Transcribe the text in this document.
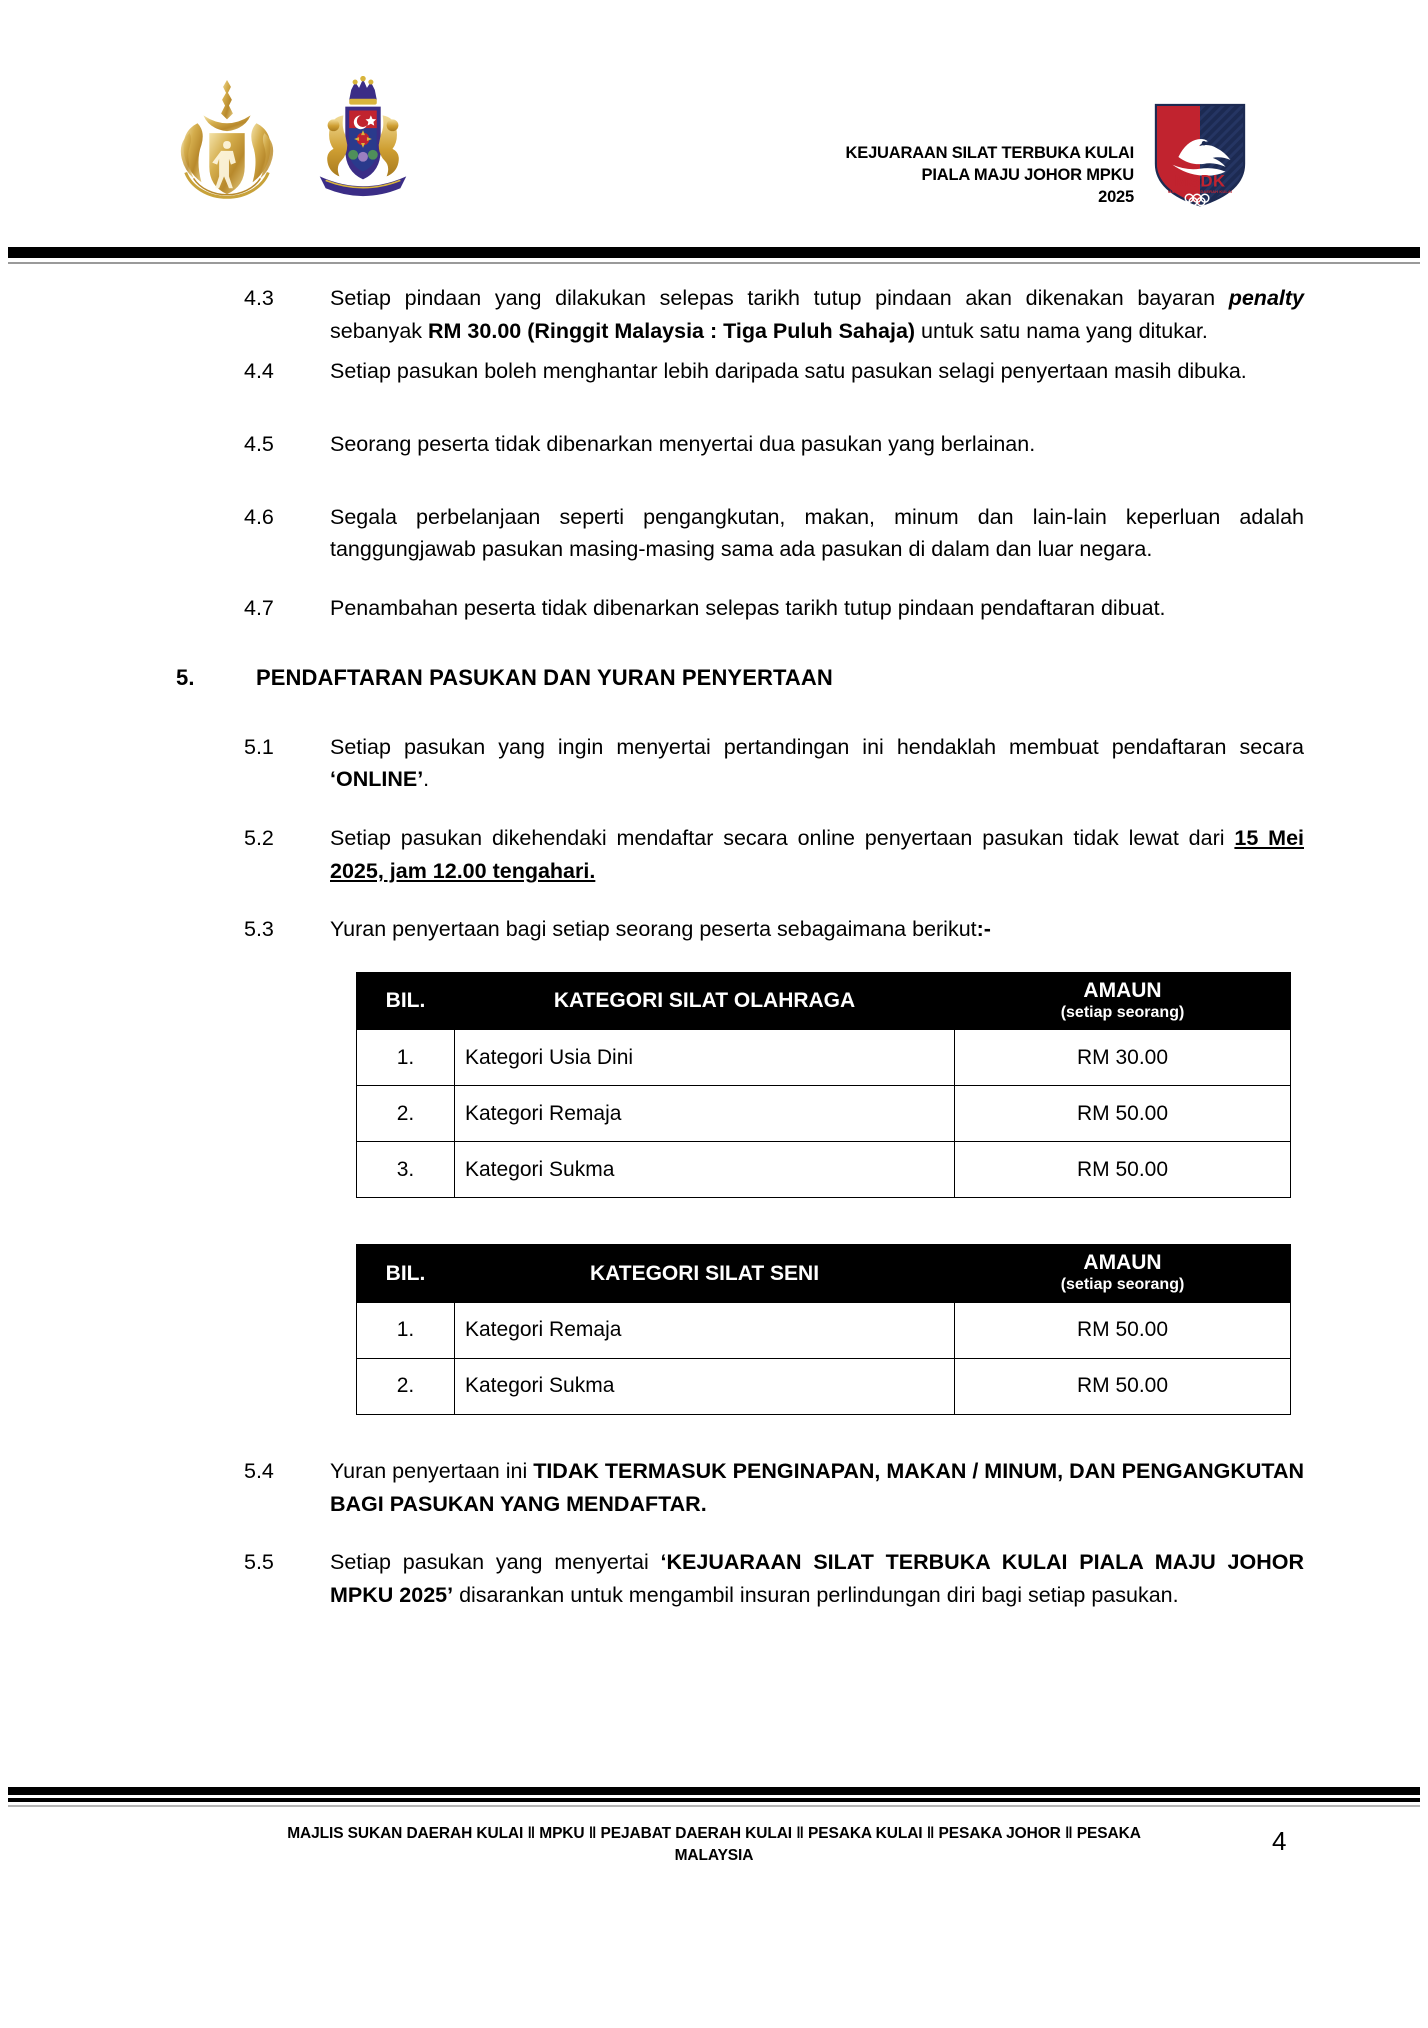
KEJUARAAN SILAT TERBUKA KULAI
PIALA MAJU JOHOR MPKU
2025
MSDK
MAJLIS SUKAN DAERAH KULAI
4.3	Setiap pindaan yang dilakukan selepas tarikh tutup pindaan akan dikenakan bayaran penalty sebanyak RM 30.00 (Ringgit Malaysia : Tiga Puluh Sahaja) untuk satu nama yang ditukar.
4.4	Setiap pasukan boleh menghantar lebih daripada satu pasukan selagi penyertaan masih dibuka.
4.5	Seorang peserta tidak dibenarkan menyertai dua pasukan yang berlainan.
4.6	Segala perbelanjaan seperti pengangkutan, makan, minum dan lain-lain keperluan adalah tanggungjawab pasukan masing-masing sama ada pasukan di dalam dan luar negara.
4.7	Penambahan peserta tidak dibenarkan selepas tarikh tutup pindaan pendaftaran dibuat.
5.	PENDAFTARAN PASUKAN DAN YURAN PENYERTAAN
5.1	Setiap pasukan yang ingin menyertai pertandingan ini hendaklah membuat pendaftaran secara ‘ONLINE’.
5.2	Setiap pasukan dikehendaki mendaftar secara online penyertaan pasukan tidak lewat dari 15 Mei 2025, jam 12.00 tengahari.
5.3	Yuran penyertaan bagi setiap seorang peserta sebagaimana berikut:-
BIL.	KATEGORI SILAT OLAHRAGA	AMAUN
(setiap seorang)

1.	Kategori Usia Dini	RM 30.00
2.	Kategori Remaja	RM 50.00
3.	Kategori Sukma	RM 50.00
BIL.	KATEGORI SILAT SENI	AMAUN
(setiap seorang)

1.	Kategori Remaja	RM 50.00
2.	Kategori Sukma	RM 50.00
5.4	Yuran penyertaan ini TIDAK TERMASUK PENGINAPAN, MAKAN / MINUM, DAN PENGANGKUTAN BAGI PASUKAN YANG MENDAFTAR.
5.5	Setiap pasukan yang menyertai ‘KEJUARAAN SILAT TERBUKA KULAI PIALA MAJU JOHOR MPKU 2025’ disarankan untuk mengambil insuran perlindungan diri bagi setiap pasukan.
MAJLIS SUKAN DAERAH KULAI ‖ MPKU ‖ PEJABAT DAERAH KULAI ‖ PESAKA KULAI ‖ PESAKA JOHOR ‖ PESAKA
MALAYSIA	4
